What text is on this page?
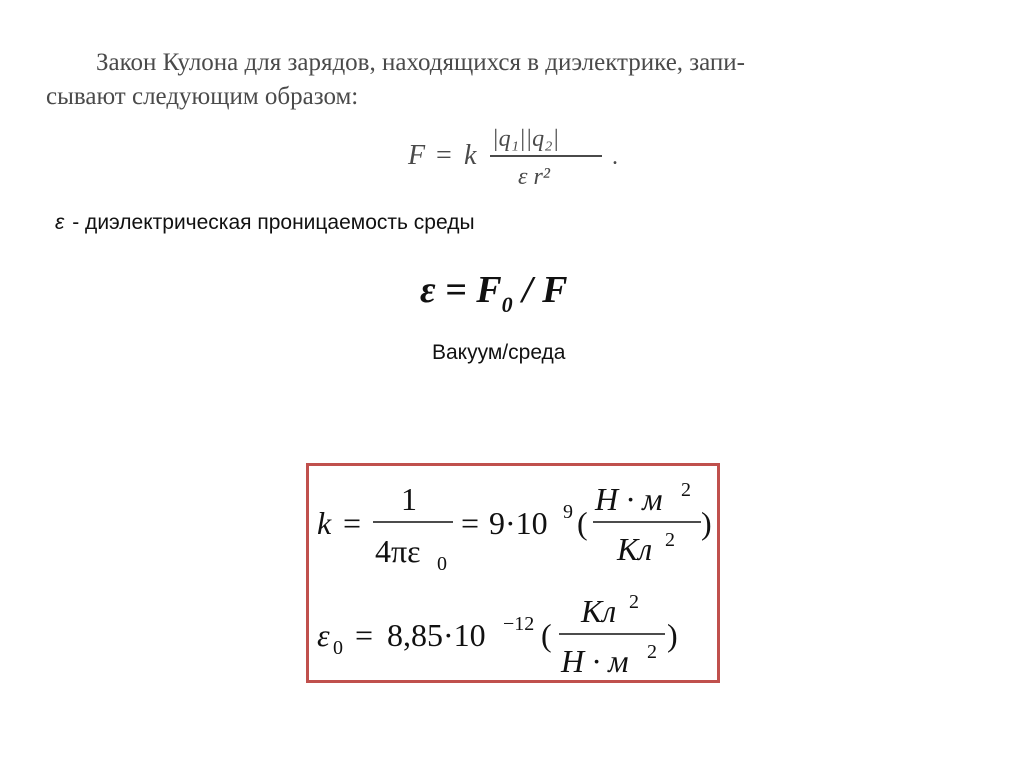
Закон Кулона для зарядов, находящихся в диэлектрике, запи-
сывают следующим образом:
F = k
|q₁||q₂|
ε r²
.
ε - диэлектрическая проницаемость среды
$\varepsilon = F_0 / F$
Вакуум/среда
k =
1
4πε 0
= 9·10 9 (
Н · м 2
Кл 2 )
ε 0 = 8,85·10 −12 (
Кл 2
Н · м 2 )
